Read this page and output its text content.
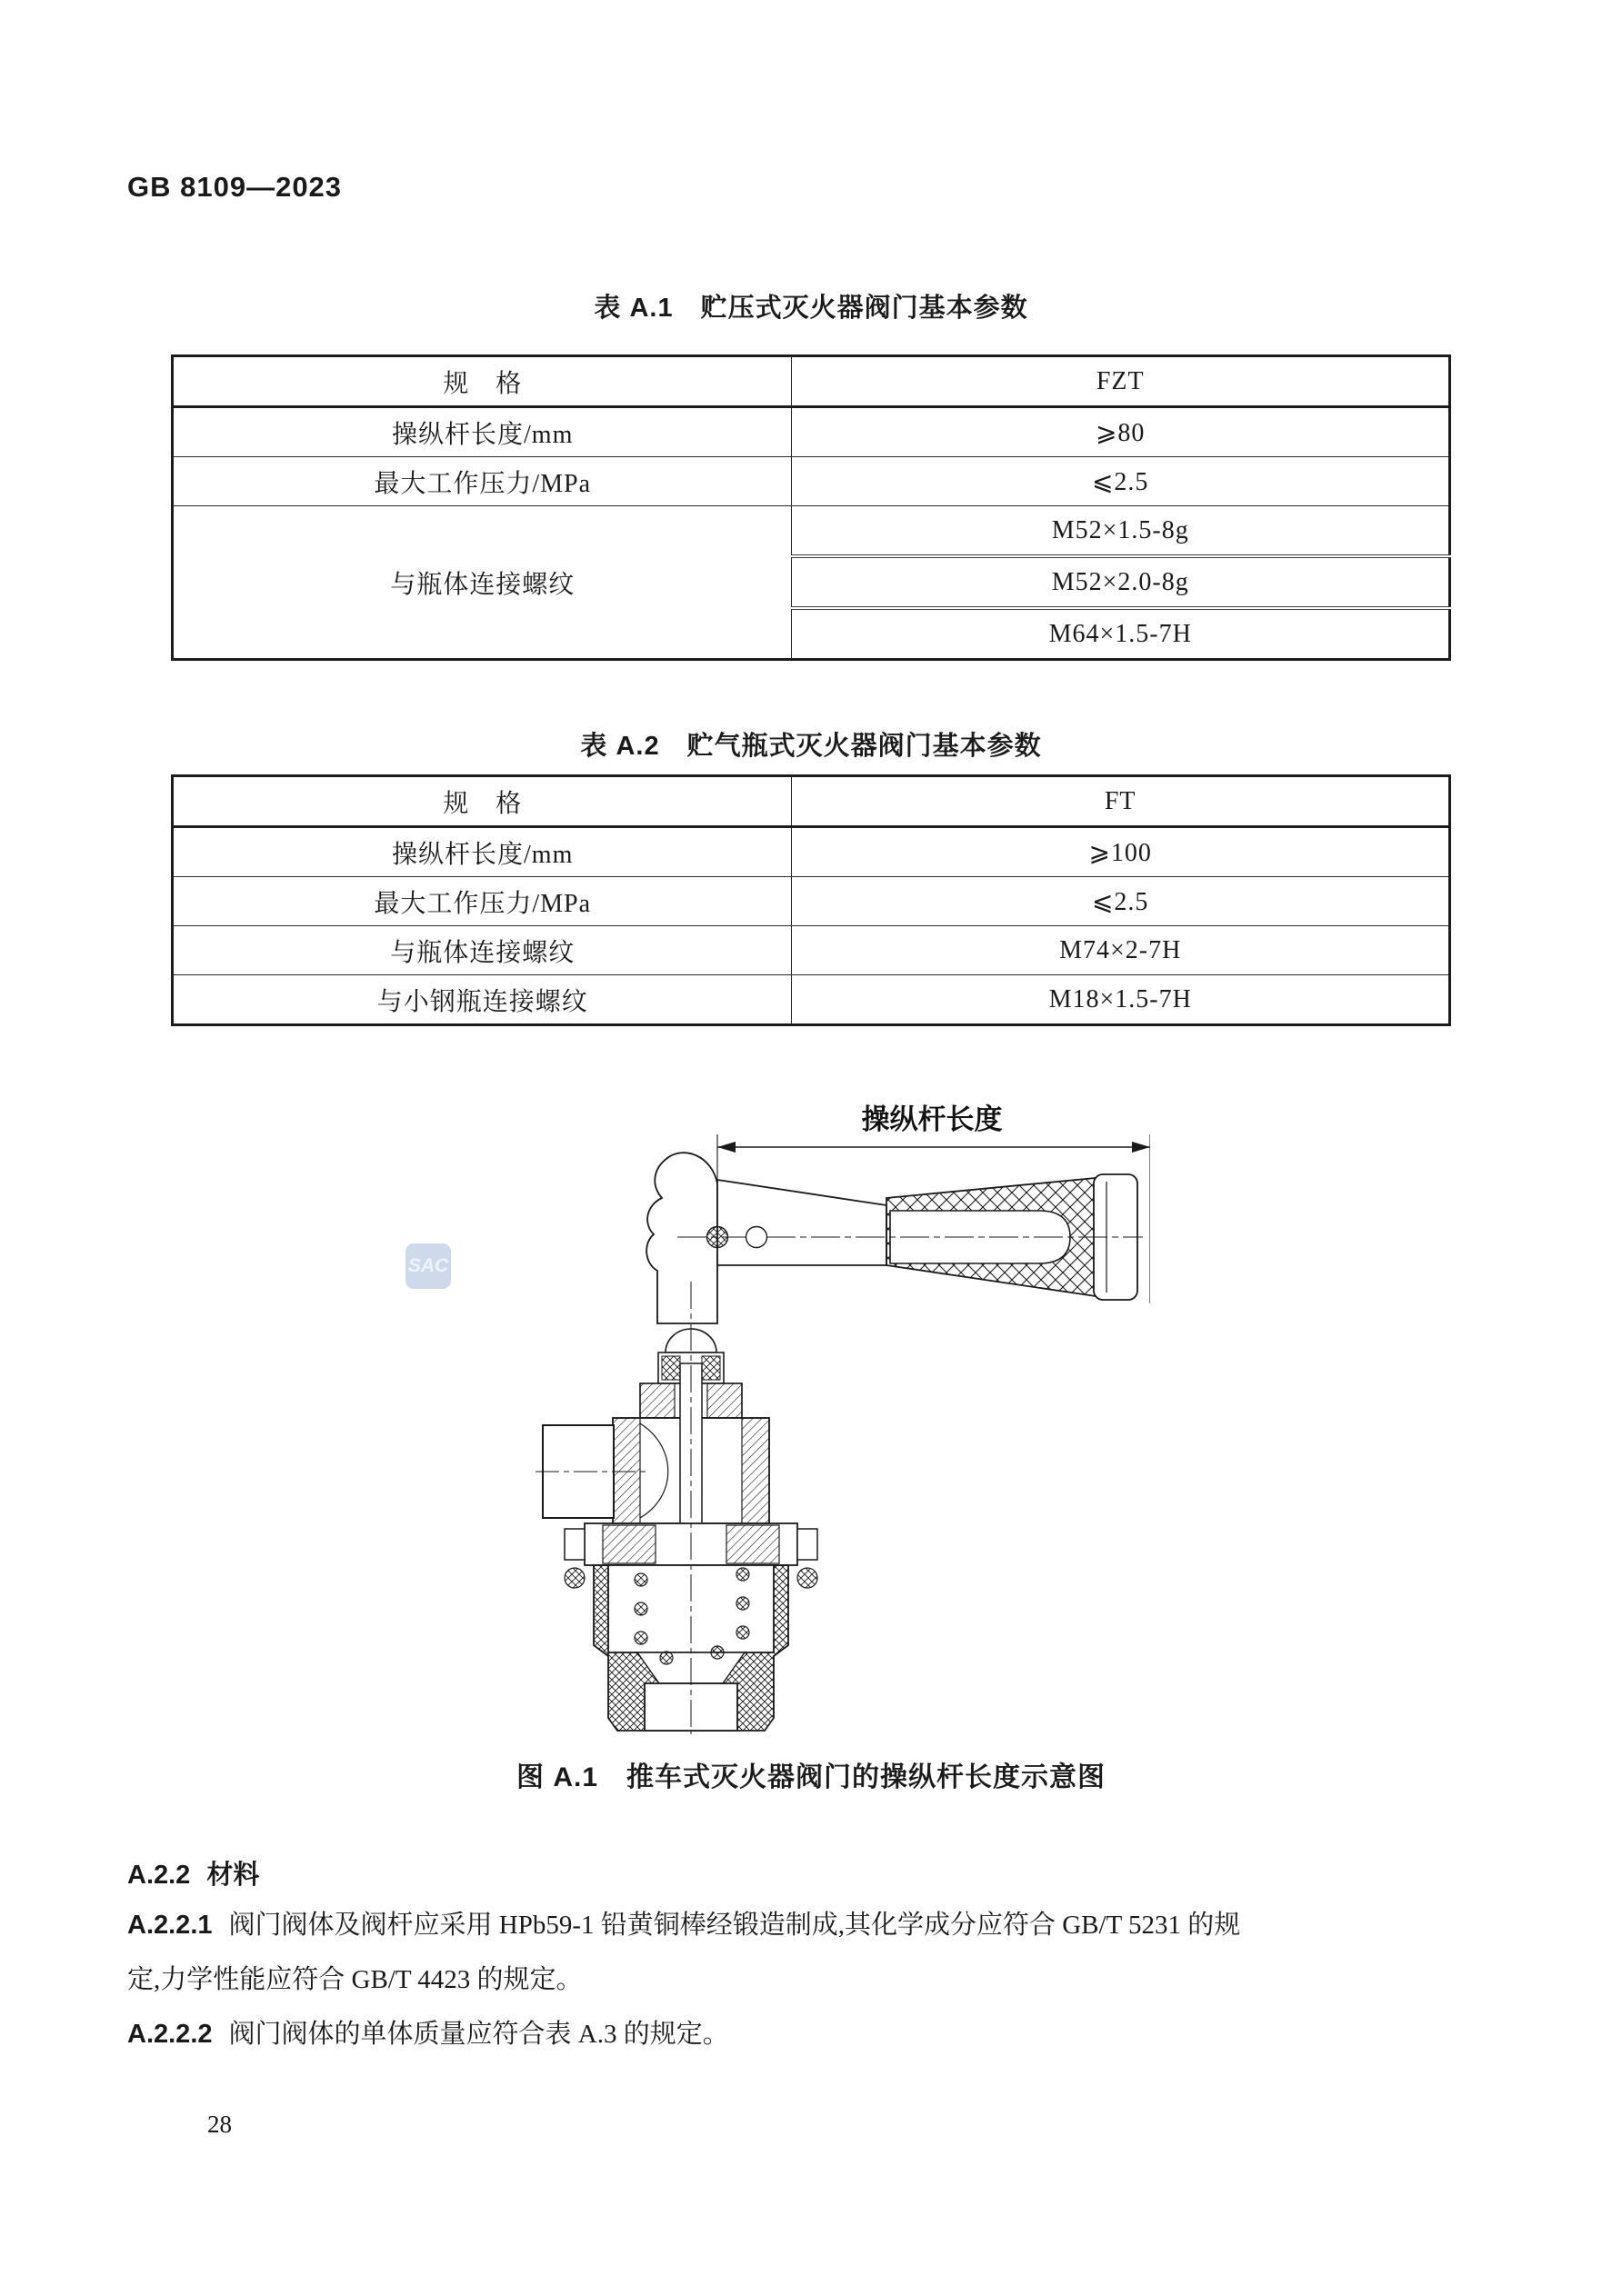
GB 8109—2023
表 A.1　贮压式灭火器阀门基本参数
规　格	FZT
操纵杆长度/mm	⩾80
最大工作压力/MPa	⩽2.5
与瓶体连接螺纹	M52×1.5-8g
	M52×2.0-8g
	M64×1.5-7H
表 A.2　贮气瓶式灭火器阀门基本参数
规　格	FT
操纵杆长度/mm	⩾100
最大工作压力/MPa	⩽2.5
与瓶体连接螺纹	M74×2-7H
与小钢瓶连接螺纹	M18×1.5-7H
操纵杆长度
SAC
图 A.1　推车式灭火器阀门的操纵杆长度示意图
A.2.2 材料
A.2.2.1 阀门阀体及阀杆应采用 HPb59-1 铅黄铜棒经锻造制成,其化学成分应符合 GB/T 5231 的规
定,力学性能应符合 GB/T 4423 的规定。
A.2.2.2 阀门阀体的单体质量应符合表 A.3 的规定。
28
